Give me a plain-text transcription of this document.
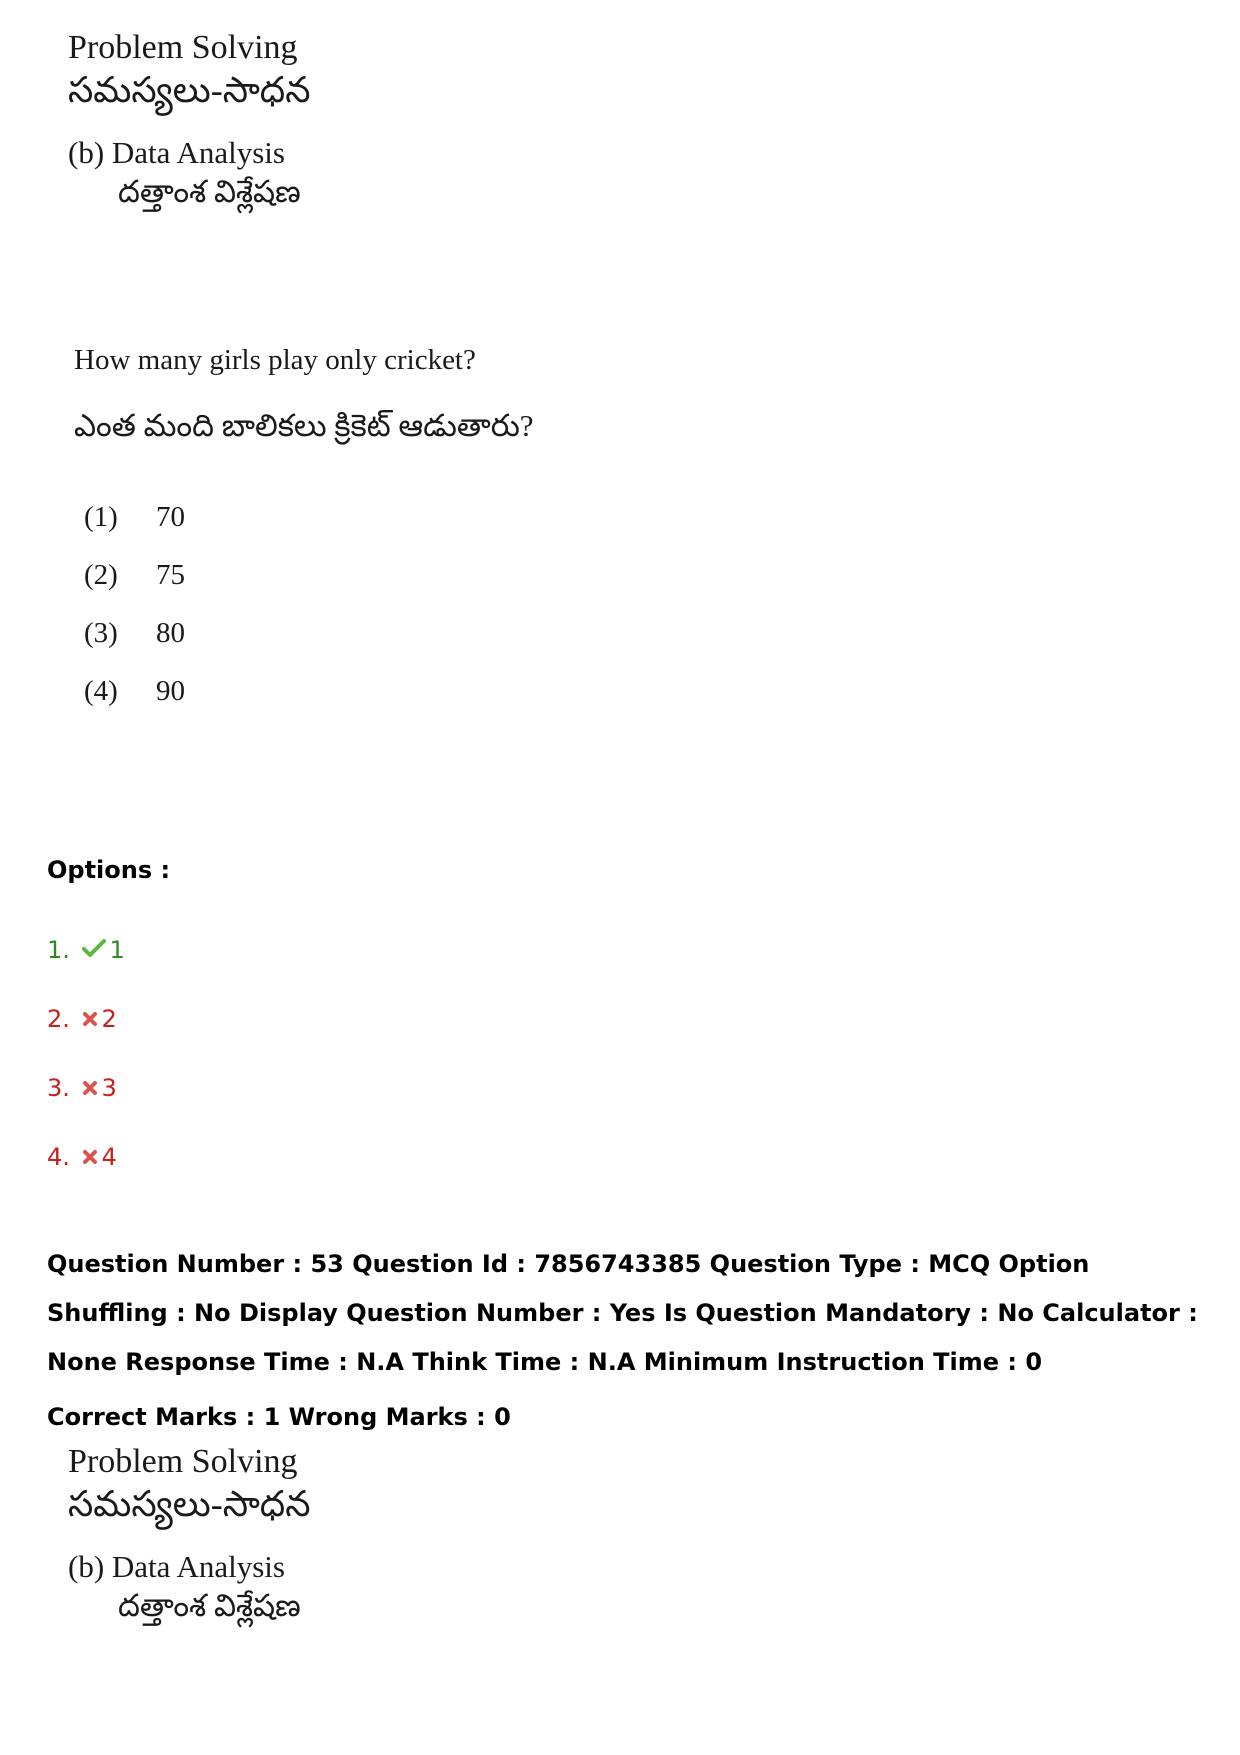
Problem Solving
సమస్యలు-సాధన
(b) Data Analysis
దత్తాంశ విశ్లేషణ
How many girls play only cricket?
ఎంత మంది బాలికలు క్రికెట్ ఆడుతారు?
(1) 70
(2) 75
(3) 80
(4) 90
Options :
1. 1
2. 2
3. 3
4. 4
Question Number : 53 Question Id : 7856743385 Question Type : MCQ Option Shuffling : No Display Question Number : Yes Is Question Mandatory : No Calculator : None Response Time : N.A Think Time : N.A Minimum Instruction Time : 0
Correct Marks : 1 Wrong Marks : 0
Problem Solving
సమస్యలు-సాధన
(b) Data Analysis
దత్తాంశ విశ్లేషణ
